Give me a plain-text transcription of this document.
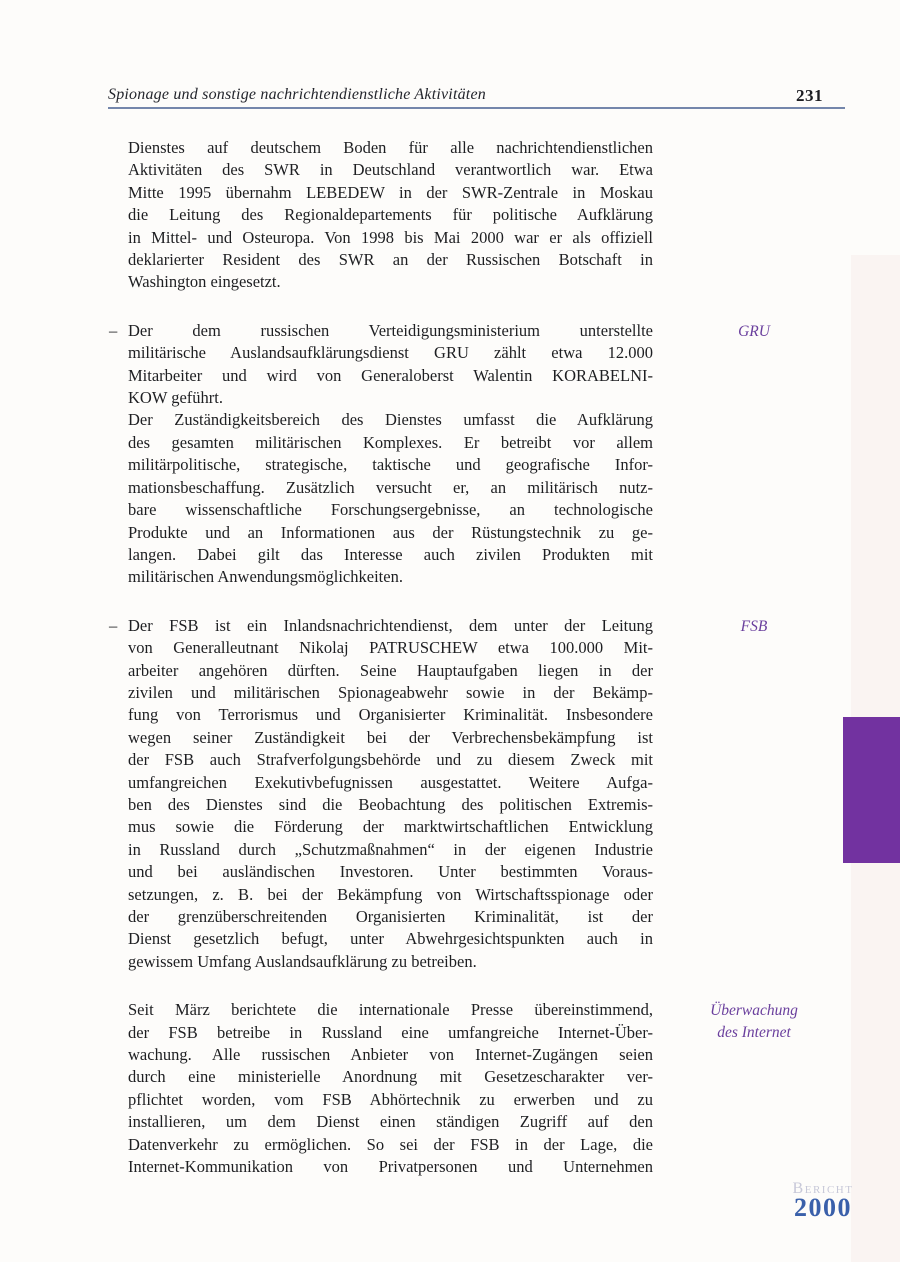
Spionage und sonstige nachrichtendienstliche Aktivitäten	231
Dienstes auf deutschem Boden für alle nachrichtendienstlichen
Aktivitäten des SWR in Deutschland verantwortlich war. Etwa
Mitte 1995 übernahm LEBEDEW in der SWR-Zentrale in Moskau
die Leitung des Regionaldepartements für politische Aufklärung
in Mittel- und Osteuropa. Von 1998 bis Mai 2000 war er als offiziell
deklarierter Resident des SWR an der Russischen Botschaft in
Washington eingesetzt.
–	GRU
Der dem russischen Verteidigungsministerium unterstellte
militärische Auslandsaufklärungsdienst GRU zählt etwa 12.000
Mitarbeiter und wird von Generaloberst Walentin KORABELNI-
KOW geführt.
Der Zuständigkeitsbereich des Dienstes umfasst die Aufklärung
des gesamten militärischen Komplexes. Er betreibt vor allem
militärpolitische, strategische, taktische und geografische Infor-
mationsbeschaffung. Zusätzlich versucht er, an militärisch nutz-
bare wissenschaftliche Forschungsergebnisse, an technologische
Produkte und an Informationen aus der Rüstungstechnik zu ge-
langen. Dabei gilt das Interesse auch zivilen Produkten mit
militärischen Anwendungsmöglichkeiten.
–	FSB
Der FSB ist ein Inlandsnachrichtendienst, dem unter der Leitung
von Generalleutnant Nikolaj PATRUSCHEW etwa 100.000 Mit-
arbeiter angehören dürften. Seine Hauptaufgaben liegen in der
zivilen und militärischen Spionageabwehr sowie in der Bekämp-
fung von Terrorismus und Organisierter Kriminalität. Insbesondere
wegen seiner Zuständigkeit bei der Verbrechensbekämpfung ist
der FSB auch Strafverfolgungsbehörde und zu diesem Zweck mit
umfangreichen Exekutivbefugnissen ausgestattet. Weitere Aufga-
ben des Dienstes sind die Beobachtung des politischen Extremis-
mus sowie die Förderung der marktwirtschaftlichen Entwicklung
in Russland durch „Schutzmaßnahmen“ in der eigenen Industrie
und bei ausländischen Investoren. Unter bestimmten Voraus-
setzungen, z. B. bei der Bekämpfung von Wirtschaftsspionage oder
der grenzüberschreitenden Organisierten Kriminalität, ist der
Dienst gesetzlich befugt, unter Abwehrgesichtspunkten auch in
gewissem Umfang Auslandsaufklärung zu betreiben.
Überwachung
des Internet
Seit März berichtete die internationale Presse übereinstimmend,
der FSB betreibe in Russland eine umfangreiche Internet-Über-
wachung. Alle russischen Anbieter von Internet-Zugängen seien
durch eine ministerielle Anordnung mit Gesetzescharakter ver-
pflichtet worden, vom FSB Abhörtechnik zu erwerben und zu
installieren, um dem Dienst einen ständigen Zugriff auf den
Datenverkehr zu ermöglichen. So sei der FSB in der Lage, die
Internet-Kommunikation von Privatpersonen und Unternehmen
Bericht
2000
